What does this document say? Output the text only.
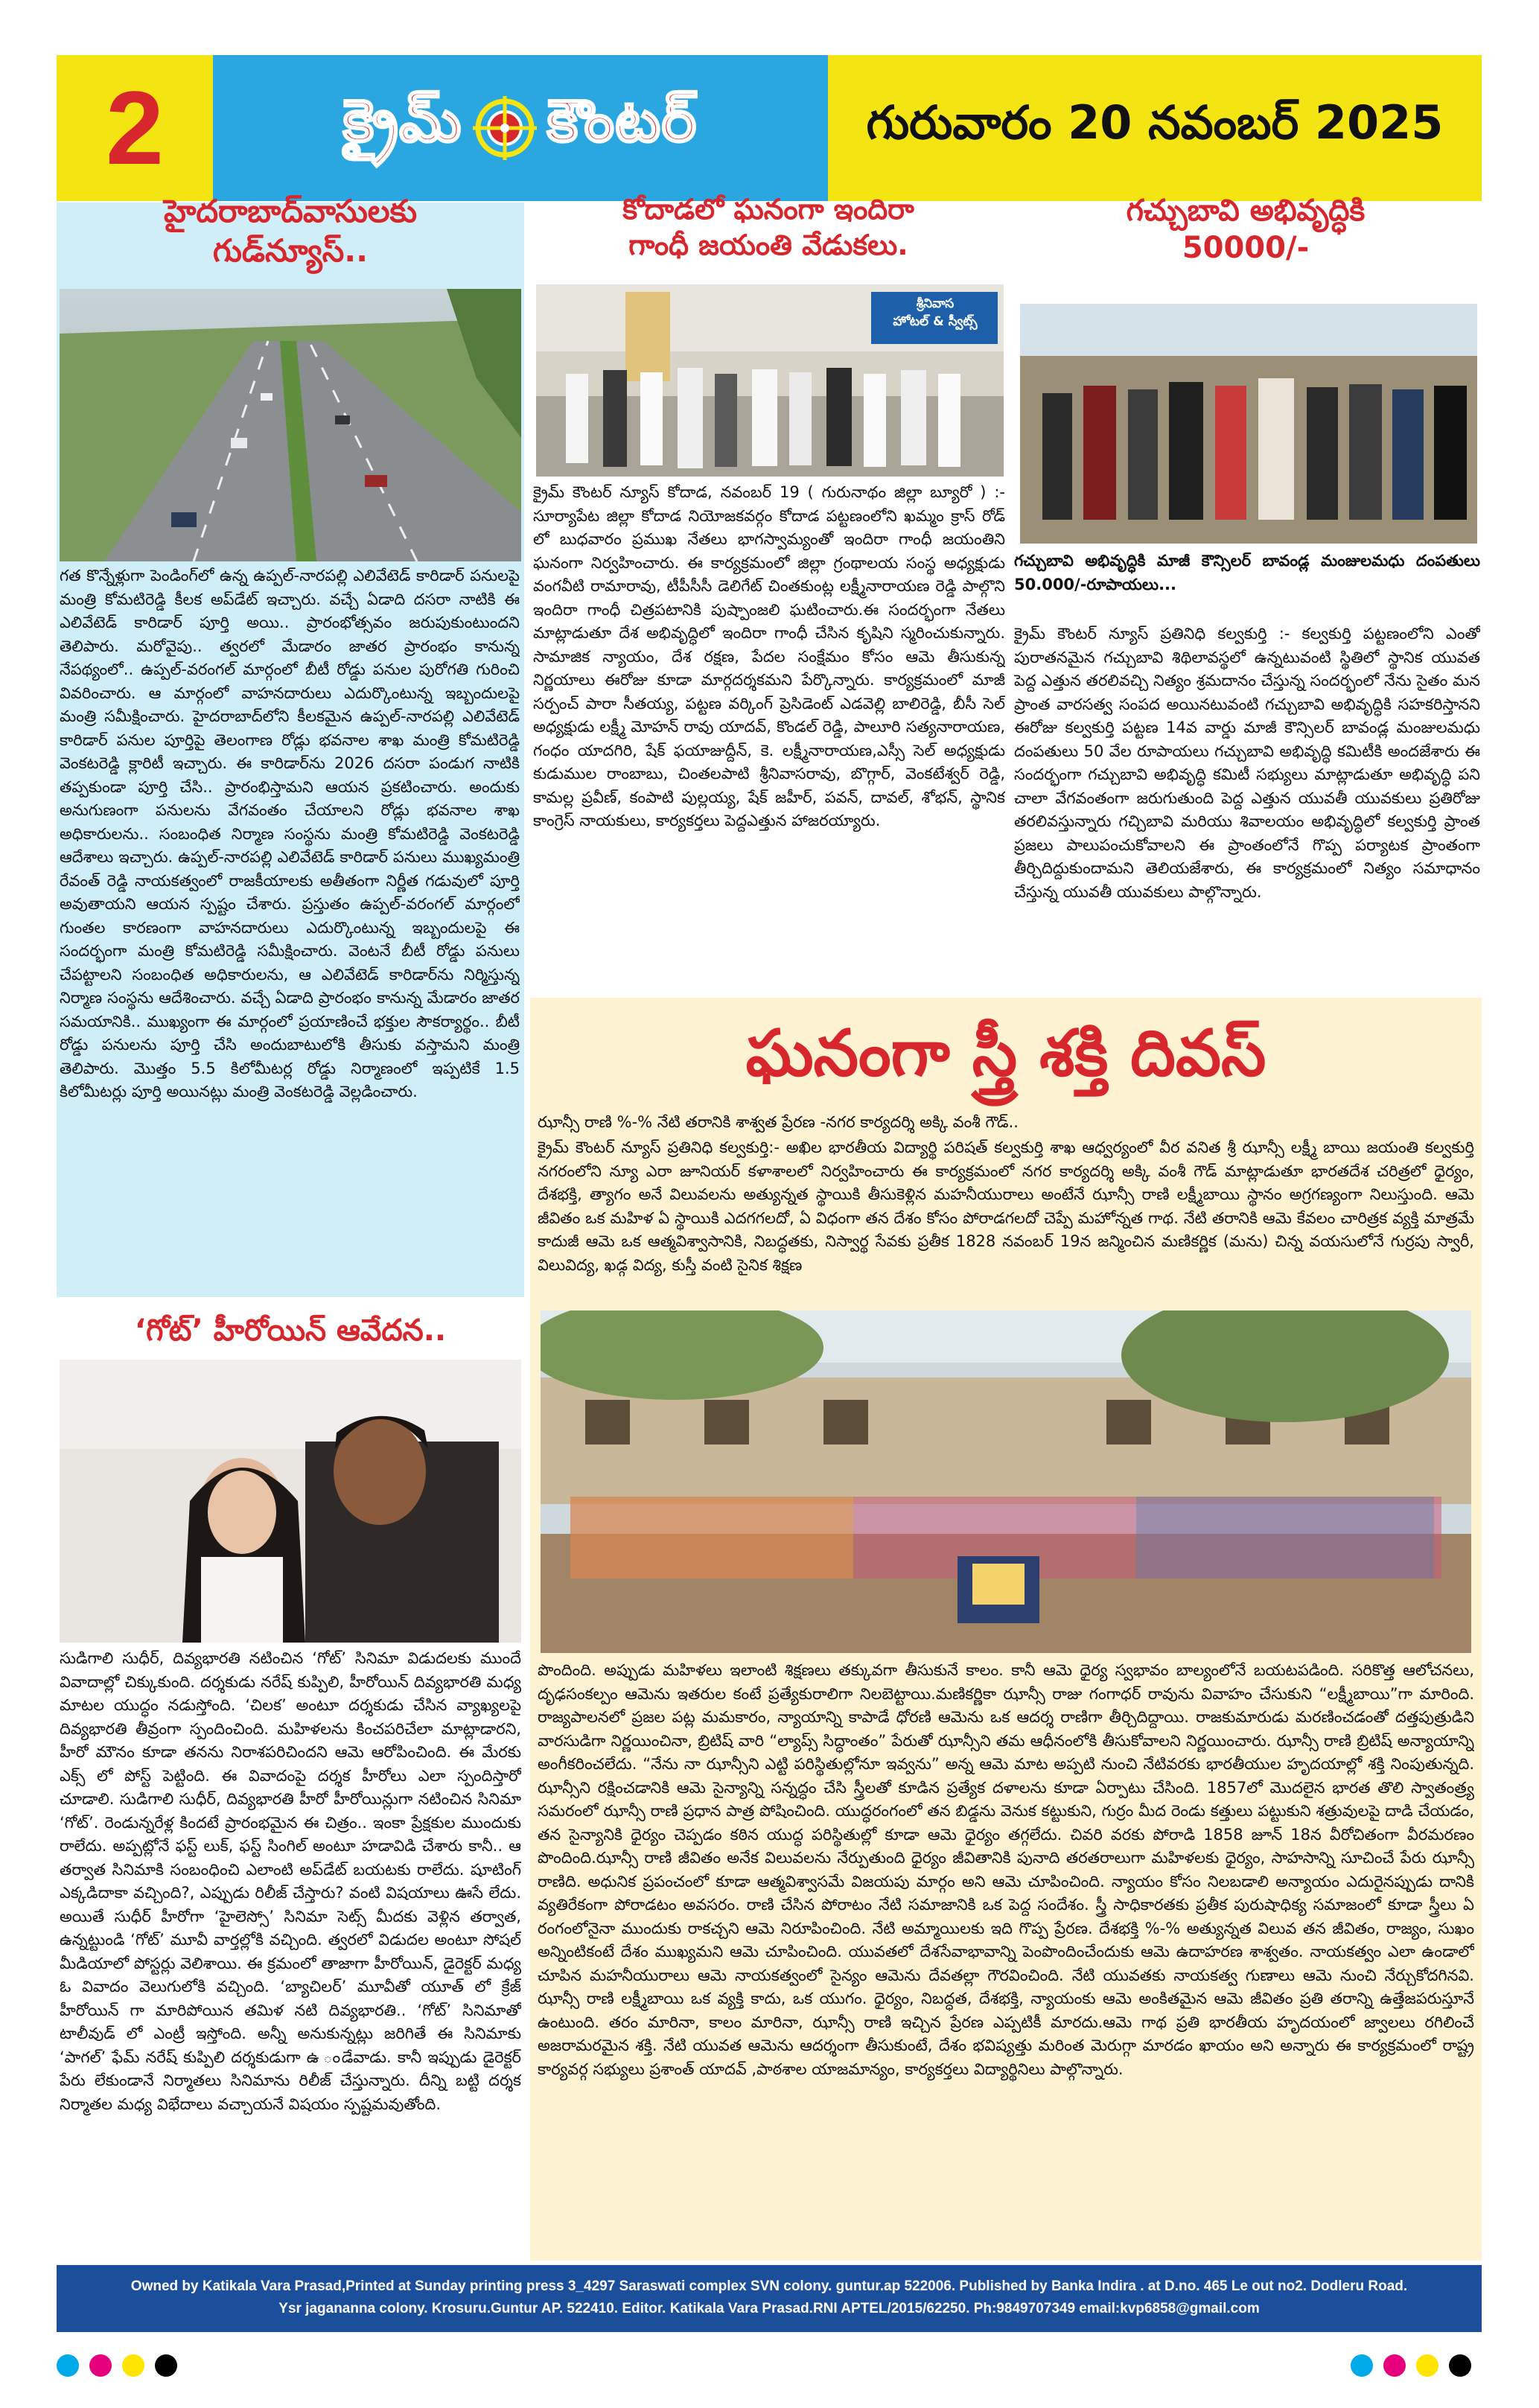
2	క్రైమ్ కౌంటర్	గురువారం 20 నవంబర్ 2025
హైదరాబాద్‌వాసులకు
గుడ్‌న్యూస్..
గత కొన్నేళ్లుగా పెండింగ్‌లో ఉన్న ఉప్పల్-నారపల్లి ఎలివేటెడ్ కారిడార్ పనులపై మంత్రి కోమటిరెడ్డి కీలక అప్‌డేట్ ఇచ్చారు. వచ్చే ఏడాది దసరా నాటికి ఈ ఎలివేటెడ్ కారిడార్ పూర్తి అయి.. ప్రారంభోత్సవం జరుపుకుంటుందని తెలిపారు. మరోవైపు.. త్వరలో మేడారం జాతర ప్రారంభం కానున్న నేపథ్యంలో.. ఉప్పల్-వరంగల్ మార్గంలో బీటీ రోడ్డు పనుల పురోగతి గురించి వివరించారు. ఆ మార్గంలో వాహనదారులు ఎదుర్కొంటున్న ఇబ్బందులపై మంత్రి సమీక్షించారు. హైదరాబాద్‌లోని కీలకమైన ఉప్పల్-నారపల్లి ఎలివేటెడ్ కారిడార్ పనుల పూర్తిపై తెలంగాణ రోడ్లు భవనాల శాఖ మంత్రి కోమటిరెడ్డి వెంకటరెడ్డి క్లారిటీ ఇచ్చారు. ఈ కారిడార్‌ను 2026 దసరా పండుగ నాటికి తప్పకుండా పూర్తి చేసి.. ప్రారంభిస్తామని ఆయన ప్రకటించారు. అందుకు అనుగుణంగా పనులను వేగవంతం చేయాలని రోడ్లు భవనాల శాఖ అధికారులను.. సంబంధిత నిర్మాణ సంస్థను మంత్రి కోమటిరెడ్డి వెంకటరెడ్డి ఆదేశాలు ఇచ్చారు. ఉప్పల్-నారపల్లి ఎలివేటెడ్ కారిడార్ పనులు ముఖ్యమంత్రి రేవంత్ రెడ్డి నాయకత్వంలో రాజకీయాలకు అతీతంగా నిర్ణీత గడువులో పూర్తి అవుతాయని ఆయన స్పష్టం చేశారు. ప్రస్తుతం ఉప్పల్-వరంగల్ మార్గంలో గుంతల కారణంగా వాహనదారులు ఎదుర్కొంటున్న ఇబ్బందులపై ఈ సందర్భంగా మంత్రి కోమటిరెడ్డి సమీక్షించారు. వెంటనే బీటీ రోడ్డు పనులు చేపట్టాలని సంబంధిత అధికారులను, ఆ ఎలివేటెడ్ కారిడార్‌ను నిర్మిస్తున్న నిర్మాణ సంస్థను ఆదేశించారు. వచ్చే ఏడాది ప్రారంభం కానున్న మేడారం జాతర సమయానికి.. ముఖ్యంగా ఈ మార్గంలో ప్రయాణించే భక్తుల సౌకర్యార్థం.. బీటీ రోడ్డు పనులను పూర్తి చేసి అందుబాటులోకి తీసుకు వస్తామని మంత్రి తెలిపారు. మొత్తం 5.5 కిలోమీటర్ల రోడ్డు నిర్మాణంలో ఇప్పటికే 1.5 కిలోమీటర్లు పూర్తి అయినట్లు మంత్రి వెంకటరెడ్డి వెల్లడించారు.
‘గోట్’ హీరోయిన్ ఆవేదన..
సుడిగాలి సుధీర్, దివ్యభారతి నటించిన ‘గోట్’ సినిమా విడుదలకు ముందే వివాదాల్లో చిక్కుకుంది. దర్శకుడు నరేష్ కుప్పిలి, హీరోయిన్ దివ్యభారతి మధ్య మాటల యుద్ధం నడుస్తోంది. ‘చిలక’ అంటూ దర్శకుడు చేసిన వ్యాఖ్యలపై దివ్యభారతి తీవ్రంగా స్పందించింది. మహిళలను కించపరిచేలా మాట్లాడారని, హీరో మౌనం కూడా తనను నిరాశపరిచిందని ఆమె ఆరోపించింది. ఈ మేరకు ఎక్స్ లో పోస్ట్ పెట్టింది. ఈ వివాదంపై దర్శక హీరోలు ఎలా స్పందిస్తారో చూడాలి. సుడిగాలి సుధీర్, దివ్యభారతి హీరో హీరోయిన్లుగా నటించిన సినిమా ‘గోట్’. రెండున్నరేళ్ల కిందటే ప్రారంభమైన ఈ చిత్రం.. ఇంకా ప్రేక్షకుల ముందుకు రాలేదు. అప్పట్లోనే ఫస్ట్ లుక్, ఫస్ట్ సింగిల్ అంటూ హడావిడి చేశారు కానీ.. ఆ తర్వాత సినిమాకి సంబంధించి ఎలాంటి అప్‌డేట్ బయటకు రాలేదు. షూటింగ్ ఎక్కడిదాకా వచ్చింది?, ఎప్పుడు రిలీజ్ చేస్తారు? వంటి విషయాలు ఊసే లేదు. అయితే సుధీర్ హీరోగా ‘హైలెస్సో’ సినిమా సెట్స్ మీదకు వెళ్లిన తర్వాత, ఉన్నట్టుండి ‘గోట్’ మూవీ వార్తల్లోకి వచ్చింది. త్వరలో విడుదల అంటూ సోషల్ మీడియాలో పోస్టర్లు వెలిశాయి. ఈ క్రమంలో తాజాగా హీరోయిన్, డైరెక్టర్ మధ్య ఓ వివాదం వెలుగులోకి వచ్చింది. ‘బ్యాచిలర్’ మూవీతో యూత్ లో క్రేజ్ హీరోయిన్ గా మారిపోయిన తమిళ నటి దివ్యభారతి.. ‘గోట్’ సినిమాతో టాలీవుడ్ లో ఎంట్రీ ఇస్తోంది. అన్నీ అనుకున్నట్లు జరిగితే ఈ సినిమాకు ‘పాగల్’ ఫేమ్ నరేష్ కుప్పిలి దర్శకుడుగా ఉ ండేవాడు. కానీ ఇప్పుడు డైరెక్టర్ పేరు లేకుండానే నిర్మాతలు సినిమాను రిలీజ్ చేస్తున్నారు. దీన్ని బట్టి దర్శక నిర్మాతల మధ్య విభేదాలు వచ్చాయనే విషయం స్పష్టమవుతోంది.
కోదాడలో ఘనంగా ఇందిరా
గాంధీ జయంతి వేడుకలు.
శ్రీనివాస
హోటల్ & స్వీట్స్
క్రైమ్ కౌంటర్ న్యూస్ కోదాడ, నవంబర్ 19 ( గురునాథం జిల్లా బ్యూరో ) :- సూర్యాపేట జిల్లా కోదాడ నియోజకవర్గం కోదాడ పట్టణంలోని ఖమ్మం క్రాస్ రోడ్ లో బుధవారం ప్రముఖ నేతలు భాగస్వామ్యంతో ఇందిరా గాంధీ జయంతిని ఘనంగా నిర్వహించారు. ఈ కార్యక్రమంలో జిల్లా గ్రంథాలయ సంస్థ అధ్యక్షుడు వంగవీటి రామారావు, టీపీసీసీ డెలిగేట్ చింతకుంట్ల లక్ష్మీనారాయణ రెడ్డి పాల్గొని ఇందిరా గాంధీ చిత్రపటానికి పుష్పాంజలి ఘటించారు.ఈ సందర్భంగా నేతలు మాట్లాడుతూ దేశ అభివృద్ధిలో ఇందిరా గాంధీ చేసిన కృషిని స్మరించుకున్నారు. సామాజిక న్యాయం, దేశ రక్షణ, పేదల సంక్షేమం కోసం ఆమె తీసుకున్న నిర్ణయాలు ఈరోజు కూడా మార్గదర్శకమని పేర్కొన్నారు. కార్యక్రమంలో మాజీ సర్పంచ్ పారా సీతయ్య, పట్టణ వర్కింగ్ ప్రెసిడెంట్ ఎడవెల్లి బాలిరెడ్డి, బీసీ సెల్ అధ్యక్షుడు లక్ష్మీ మోహన్ రావు యాదవ్, కొండల్ రెడ్డి, పాలూరి సత్యనారాయణ, గంధం యాదగిరి, షేక్ ఫయాజుద్దీన్, కె. లక్ష్మీనారాయణ,ఎస్సీ సెల్ అధ్యక్షుడు కుడుముల రాంబాబు, చింతలపాటి శ్రీనివాసరావు, బొగ్గార్, వెంకటేశ్వర్ రెడ్డి, కామల్ల ప్రవీణ్, కంపాటి పుల్లయ్య, షేక్ జహీర్, పవన్, దావల్, శోభన్, స్థానిక కాంగ్రెస్ నాయకులు, కార్యకర్తలు పెద్దఎత్తున హాజరయ్యారు.
గచ్చుబావి అభివృద్ధికి
50000/-
గచ్చుబావి అభివృద్ధికి మాజీ కౌన్సిలర్ బావండ్ల మంజులమధు దంపతులు 50.000/-రూపాయలు...
క్రైమ్ కౌంటర్ న్యూస్ ప్రతినిధి కల్వకుర్తి :- కల్వకుర్తి పట్టణంలోని ఎంతో పురాతనమైన గచ్చుబావి శిథిలావస్థలో ఉన్నటువంటి స్థితిలో స్థానిక యువత పెద్ద ఎత్తున తరలివచ్చి నిత్యం శ్రమదానం చేస్తున్న సందర్భంలో నేను సైతం మన ప్రాంత వారసత్వ సంపద అయినటువంటి గచ్చుబావి అభివృద్ధికి సహకరిస్తానని ఈరోజు కల్వకుర్తి పట్టణ 14వ వార్డు మాజీ కౌన్సిలర్ బావండ్ల మంజులమధు దంపతులు 50 వేల రూపాయలు గచ్చుబావి అభివృద్ధి కమిటీకి అందజేశారు ఈ సందర్భంగా గచ్చుబావి అభివృద్ధి కమిటీ సభ్యులు మాట్లాడుతూ అభివృద్ధి పని చాలా వేగవంతంగా జరుగుతుంది పెద్ద ఎత్తున యువతీ యువకులు ప్రతిరోజు తరలివస్తున్నారు గచ్చిబావి మరియు శివాలయం అభివృద్ధిలో కల్వకుర్తి ప్రాంత ప్రజలు పాలుపంచుకోవాలని ఈ ప్రాంతంలోనే గొప్ప పర్యాటక ప్రాంతంగా తీర్చిదిద్దుకుందామని తెలియజేశారు, ఈ కార్యక్రమంలో నిత్యం సమాధానం చేస్తున్న యువతీ యువకులు పాల్గొన్నారు.
ఘనంగా స్త్రీ శక్తి దివస్
ఝాన్సీ రాణి %-% నేటి తరానికి శాశ్వత ప్రేరణ -నగర కార్యదర్శి అక్కి వంశీ గౌడ్..
క్రైమ్ కౌంటర్ న్యూస్ ప్రతినిధి కల్వకుర్తి:- అఖిల భారతీయ విద్యార్థి పరిషత్ కల్వకుర్తి శాఖ ఆధ్వర్యంలో వీర వనిత శ్రీ ఝాన్సీ లక్ష్మీ బాయి జయంతి కల్వకుర్తి నగరంలోని న్యూ ఎరా జూనియర్ కళాశాలలో నిర్వహించారు ఈ కార్యక్రమంలో నగర కార్యదర్శి అక్కి వంశీ గౌడ్ మాట్లాడుతూ భారతదేశ చరిత్రలో ధైర్యం, దేశభక్తి, త్యాగం అనే విలువలను అత్యున్నత స్థాయికి తీసుకెళ్లిన మహనీయురాలు అంటేనే ఝాన్సీ రాణి లక్ష్మీబాయి స్థానం అగ్రగణ్యంగా నిలుస్తుంది. ఆమె జీవితం ఒక మహిళ ఏ స్థాయికి ఎదగగలదో, ఏ విధంగా తన దేశం కోసం పోరాడగలదో చెప్పే మహోన్నత గాథ. నేటి తరానికి ఆమె కేవలం చారిత్రక వ్యక్తి మాత్రమే కాదుజీ ఆమె ఒక ఆత్మవిశ్వాసానికి, నిబద్ధతకు, నిస్వార్థ సేవకు ప్రతీక 1828 నవంబర్ 19న జన్మించిన మణికర్ణిక (మను) చిన్న వయసులోనే గుర్రపు స్వారీ, విలువిద్య, ఖడ్గ విద్య, కుస్తీ వంటి సైనిక శిక్షణ
పొందింది. అప్పుడు మహిళలు ఇలాంటి శిక్షణలు తక్కువగా తీసుకునే కాలం. కానీ ఆమె ధైర్య స్వభావం బాల్యంలోనే బయటపడింది. సరికొత్త ఆలోచనలు, దృఢసంకల్పం ఆమెను ఇతరుల కంటే ప్రత్యేకురాలిగా నిలబెట్టాయి.మణికర్ణికా ఝాన్సీ రాజు గంగాధర్ రావును వివాహం చేసుకుని “లక్ష్మీబాయి”గా మారింది. రాజ్యపాలనలో ప్రజల పట్ల మమకారం, న్యాయాన్ని కాపాడే ధోరణి ఆమెను ఒక ఆదర్శ రాణిగా తీర్చిదిద్దాయి. రాజకుమారుడు మరణించడంతో దత్తపుత్రుడిని వారసుడిగా నిర్ణయించినా, బ్రిటిష్ వారి “ల్యాప్స్ సిద్ధాంతం” పేరుతో ఝాన్సీని తమ ఆధీనంలోకి తీసుకోవాలని నిర్ణయించారు. ఝాన్సీ రాణి బ్రిటిష్ అన్యాయాన్ని అంగీకరించలేదు. “నేను నా ఝాన్సీని ఎట్టి పరిస్థితుల్లోనూ ఇవ్వను” అన్న ఆమె మాట అప్పటి నుంచి నేటివరకు భారతీయుల హృదయాల్లో శక్తి నింపుతున్నది. ఝాన్సీని రక్షించడానికి ఆమె సైన్యాన్ని సన్నద్ధం చేసి స్త్రీలతో కూడిన ప్రత్యేక దళాలను కూడా ఏర్పాటు చేసింది. 1857లో మొదలైన భారత తొలి స్వాతంత్ర్య సమరంలో ఝాన్సీ రాణి ప్రధాన పాత్ర పోషించింది. యుద్ధరంగంలో తన బిడ్డను వెనుక కట్టుకుని, గుర్రం మీద రెండు కత్తులు పట్టుకుని శత్రువులపై దాడి చేయడం, తన సైన్యానికి ధైర్యం చెప్పడం కఠిన యుద్ధ పరిస్థితుల్లో కూడా ఆమె ధైర్యం తగ్గలేదు. చివరి వరకు పోరాడి 1858 జూన్ 18న వీరోచితంగా వీరమరణం పొందింది.ఝాన్సీ రాణి జీవితం అనేక విలువలను నేర్పుతుంది ధైర్యం జీవితానికి పునాది తరతరాలుగా మహిళలకు ధైర్యం, సాహసాన్ని సూచించే పేరు ఝాన్సీ రాణిది. అధునిక ప్రపంచంలో కూడా ఆత్మవిశ్వాసమే విజయపు మార్గం అని ఆమె చూపించింది. న్యాయం కోసం నిలబడాలి అన్యాయం ఎదురైనప్పుడు దానికి వ్యతిరేకంగా పోరాడటం అవసరం. రాణి చేసిన పోరాటం నేటి సమాజానికి ఒక పెద్ద సందేశం. స్త్రీ సాధికారతకు ప్రతీక పురుషాధిక్య సమాజంలో కూడా స్త్రీలు ఏ రంగంలోనైనా ముందుకు రాకచ్చని ఆమె నిరూపించింది. నేటి అమ్మాయిలకు ఇది గొప్ప ప్రేరణ. దేశభక్తి %-% అత్యున్నత విలువ తన జీవితం, రాజ్యం, సుఖం అన్నింటికంటే దేశం ముఖ్యమని ఆమె చూపించింది. యువతలో దేశసేవాభావాన్ని పెంపొందించేందుకు ఆమె ఉదాహరణ శాశ్వతం. నాయకత్వం ఎలా ఉండాలో చూపిన మహనీయురాలు ఆమె నాయకత్వంలో సైన్యం ఆమెను దేవతల్లా గౌరవించింది. నేటి యువతకు నాయకత్వ గుణాలు ఆమె నుంచి నేర్చుకోదగినవి. ఝాన్సీ రాణి లక్ష్మీబాయి ఒక వ్యక్తి కాదు, ఒక యుగం. ధైర్యం, నిబద్ధత, దేశభక్తి, న్యాయంకు ఆమె అంకితమైన ఆమె జీవితం ప్రతి తరాన్ని ఉత్తేజపరుస్తూనే ఉంటుంది. తరం మారినా, కాలం మారినా, ఝాన్సీ రాణి ఇచ్చిన ప్రేరణ ఎప్పటికీ మారదు.ఆమె గాథ ప్రతి భారతీయ హృదయంలో జ్వాలలు రగిలించే అజరామరమైన శక్తి. నేటి యువత ఆమెను ఆదర్శంగా తీసుకుంటే, దేశం భవిష్యత్తు మరింత మెరుగ్గా మారడం ఖాయం అని అన్నారు ఈ కార్యక్రమంలో రాష్ట్ర కార్యవర్గ సభ్యులు ప్రశాంత్ యాదవ్ ,పాఠశాల యాజమాన్యం, కార్యకర్తలు విద్యార్థినిలు పాల్గొన్నారు.
Owned by Katikala Vara Prasad,Printed at Sunday printing press 3_4297 Saraswati complex SVN colony. guntur.ap 522006. Published by Banka Indira . at D.no. 465 Le out no2. Dodleru Road.
Ysr jagananna colony. Krosuru.Guntur AP. 522410. Editor. Katikala Vara Prasad.RNI APTEL/2015/62250. Ph:9849707349 email:kvp6858@gmail.com
